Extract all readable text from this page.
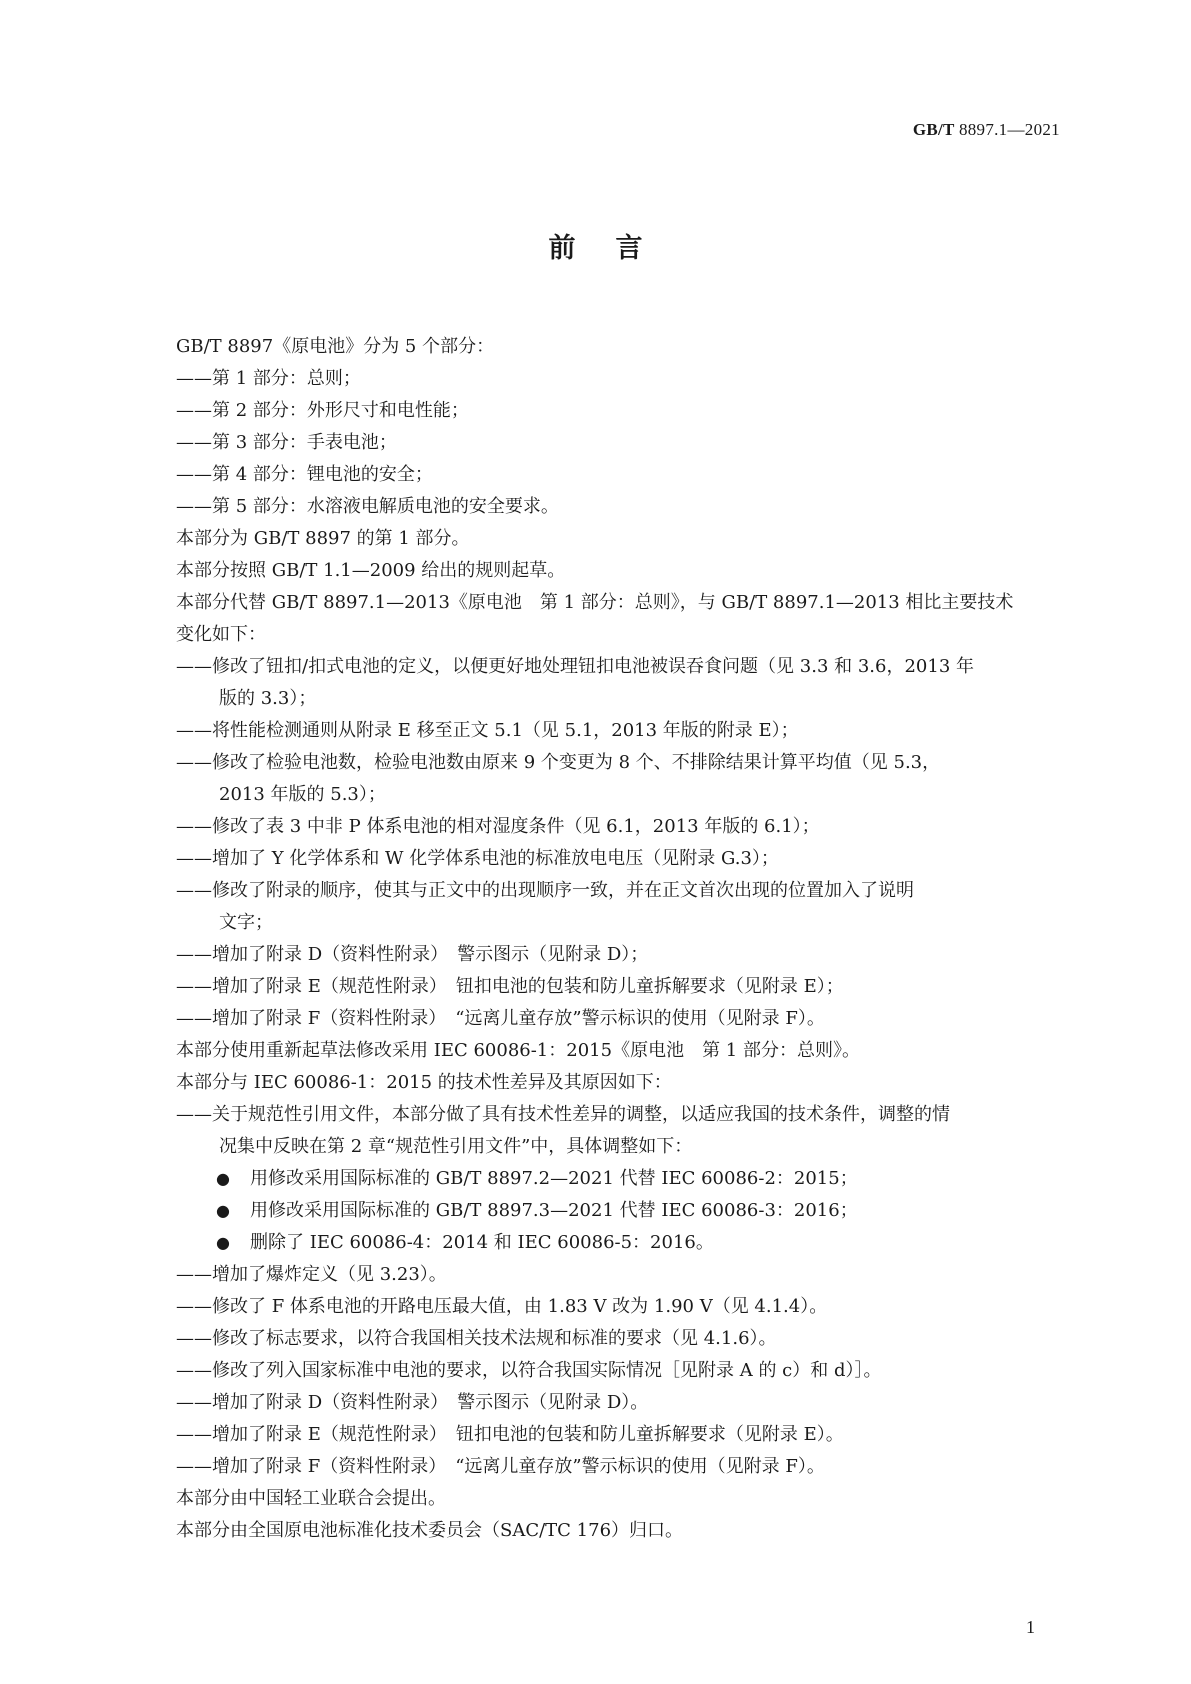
GB/T 8897.1—2021
前言

GB/T 8897《原电池》分为 5 个部分：

——第 1 部分：总则；

——第 2 部分：外形尺寸和电性能；

——第 3 部分：手表电池；

——第 4 部分：锂电池的安全；

——第 5 部分：水溶液电解质电池的安全要求。

本部分为 GB/T 8897 的第 1 部分。

本部分按照 GB/T 1.1—2009 给出的规则起草。

本部分代替 GB/T 8897.1—2013《原电池　第 1 部分：总则》，与 GB/T 8897.1—2013 相比主要技术

变化如下：

——修改了钮扣/扣式电池的定义，以便更好地处理钮扣电池被误吞食问题（见 3.3 和 3.6，2013 年

版的 3.3）；

——将性能检测通则从附录 E 移至正文 5.1（见 5.1，2013 年版的附录 E）；

——修改了检验电池数，检验电池数由原来 9 个变更为 8 个、不排除结果计算平均值（见 5.3，

2013 年版的 5.3）；

——修改了表 3 中非 P 体系电池的相对湿度条件（见 6.1，2013 年版的 6.1）；

——增加了 Y 化学体系和 W 化学体系电池的标准放电电压（见附录 G.3）；

——修改了附录的顺序，使其与正文中的出现顺序一致，并在正文首次出现的位置加入了说明

文字；

——增加了附录 D（资料性附录）　警示图示（见附录 D）；

——增加了附录 E（规范性附录）　钮扣电池的包装和防儿童拆解要求（见附录 E）；

——增加了附录 F（资料性附录）　“远离儿童存放”警示标识的使用（见附录 F）。

本部分使用重新起草法修改采用 IEC 60086-1：2015《原电池　第 1 部分：总则》。

本部分与 IEC 60086-1：2015 的技术性差异及其原因如下：

——关于规范性引用文件，本部分做了具有技术性差异的调整，以适应我国的技术条件，调整的情

况集中反映在第 2 章“规范性引用文件”中，具体调整如下：

● 用修改采用国际标准的 GB/T 8897.2—2021 代替 IEC 60086-2：2015；

● 用修改采用国际标准的 GB/T 8897.3—2021 代替 IEC 60086-3：2016；

● 删除了 IEC 60086-4：2014 和 IEC 60086-5：2016。

——增加了爆炸定义（见 3.23）。

——修改了 F 体系电池的开路电压最大值，由 1.83 V 改为 1.90 V（见 4.1.4）。

——修改了标志要求，以符合我国相关技术法规和标准的要求（见 4.1.6）。

——修改了列入国家标准中电池的要求，以符合我国实际情况［见附录 A 的 c）和 d）］。

——增加了附录 D（资料性附录）　警示图示（见附录 D）。

——增加了附录 E（规范性附录）　钮扣电池的包装和防儿童拆解要求（见附录 E）。

——增加了附录 F（资料性附录）　“远离儿童存放”警示标识的使用（见附录 F）。

本部分由中国轻工业联合会提出。

本部分由全国原电池标准化技术委员会（SAC/TC 176）归口。

1
